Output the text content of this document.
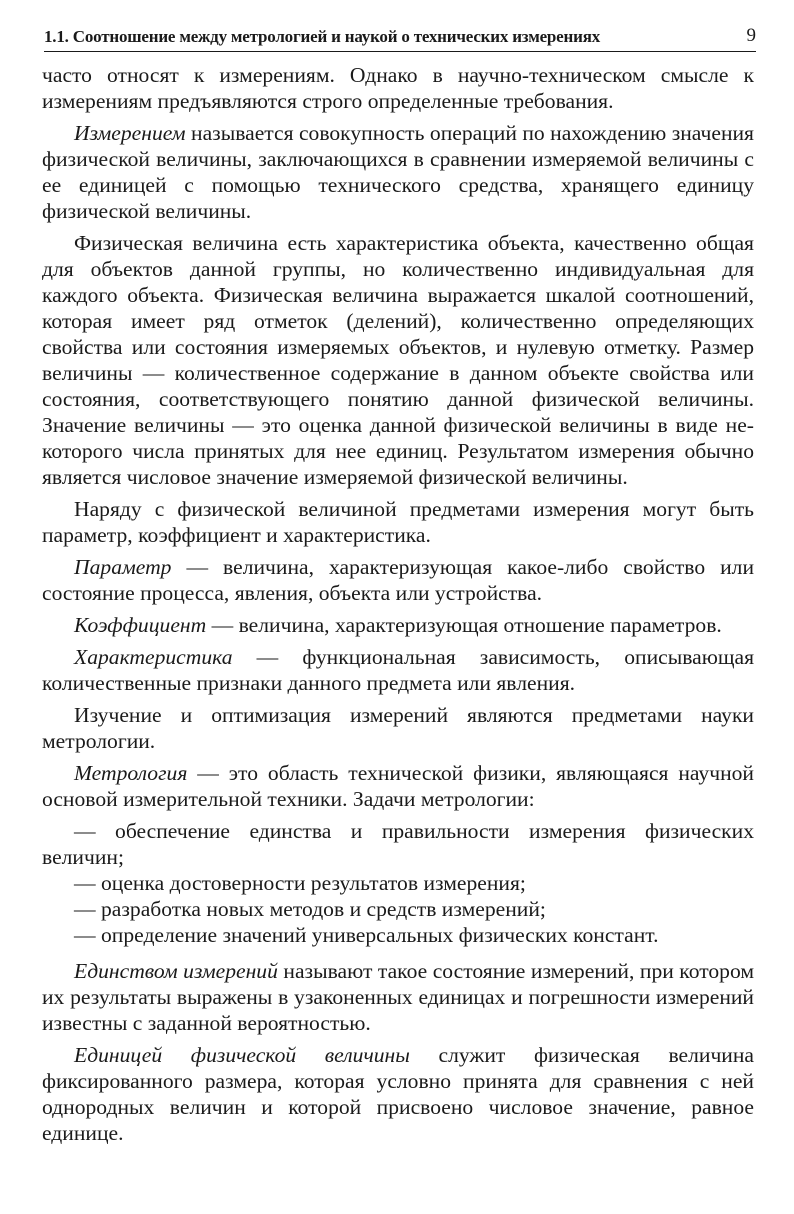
1.1. Соотношение между метрологией и наукой о технических измерениях	9

часто относят к измерениям. Однако в научно-техническом смысле к измерениям предъявляются строго определенные требования.

Измерением называется совокупность операций по нахождению значения физической величины, заключающихся в сравнении измеряемой величины с ее единицей с помощью технического средства, хранящего единицу физической величины.

Физическая величина есть характеристика объекта, качественно общая для объектов данной группы, но количественно индивидуальная для каждого объекта. Физическая величина выражается шкалой соотношений, которая имеет ряд отметок (делений), количественно определяющих свойства или состояния измеряемых объектов, и нулевую отметку. Размер величины — количественное содержание в данном объекте свойства или состояния, соответствующего понятию данной физической величины. Значение величины — это оценка данной физической величины в виде некоторого числа принятых для нее единиц. Результатом измерения обычно является числовое значение измеряемой физической величины.

Наряду с физической величиной предметами измерения могут быть параметр, коэффициент и характеристика.

Параметр — величина, характеризующая какое-либо свойство или состояние процесса, явления, объекта или устройства.

Коэффициент — величина, характеризующая отношение параметров.

Характеристика — функциональная зависимость, описывающая количественные признаки данного предмета или явления.

Изучение и оптимизация измерений являются предметами науки метрологии.

Метрология — это область технической физики, являющаяся научной основой измерительной техники. Задачи метрологии:

— обеспечение единства и правильности измерения физических величин;

— оценка достоверности результатов измерения;

— разработка новых методов и средств измерений;

— определение значений универсальных физических констант.

Единством измерений называют такое состояние измерений, при котором их результаты выражены в узаконенных единицах и погрешности измерений известны с заданной вероятностью.

Единицей физической величины служит физическая величина фиксированного размера, которая условно принята для сравнения с ней однородных величин и которой присвоено числовое значение, равное единице.
